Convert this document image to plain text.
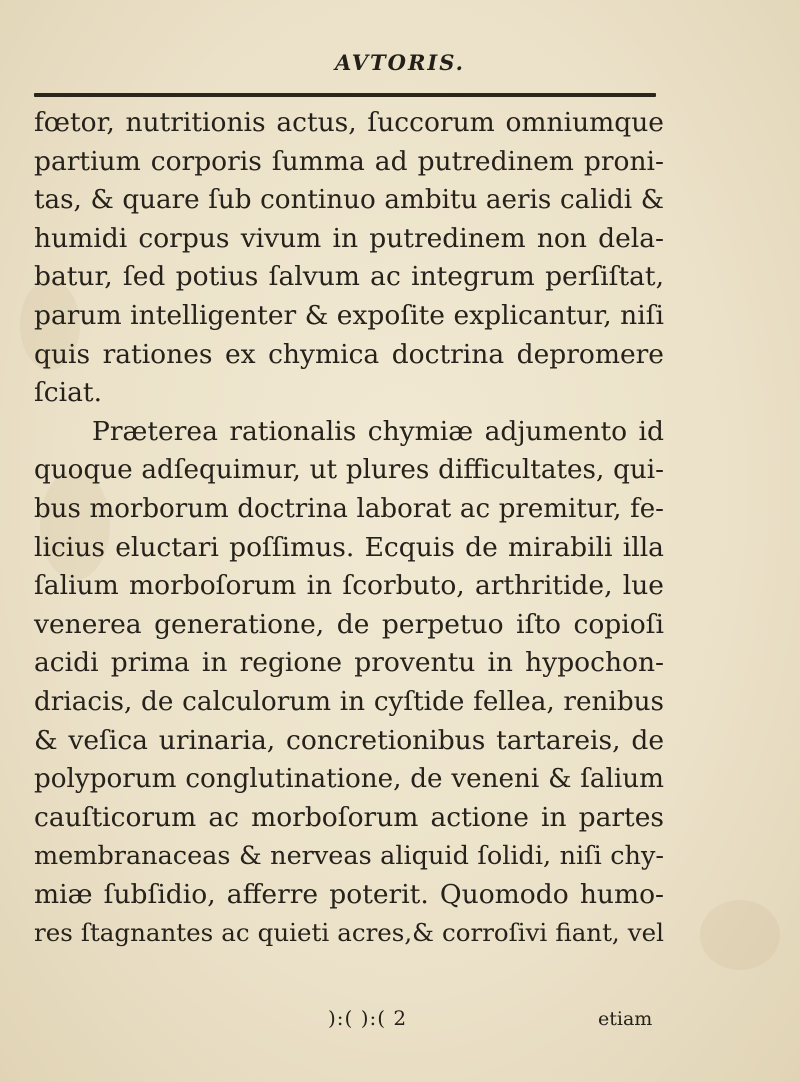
AVTORIS.
fœtor, nutritionis actus, ſuccorum omniumque
partium corporis ſumma ad putredinem proni-
tas, & quare ſub continuo ambitu aeris calidi &
humidi corpus vivum in putredinem non dela-
batur, ſed potius ſalvum ac integrum perſiſtat,
parum intelligenter & expoſite explicantur, niſi
quis rationes ex chymica doctrina depromere
ſciat.
Præterea rationalis chymiæ adjumento id
quoque adſequimur, ut plures difficultates, qui-
bus morborum doctrina laborat ac premitur, fe-
licius eluctari poſſimus. Ecquis de mirabili illa
ſalium morboſorum in ſcorbuto, arthritide, lue
venerea generatione, de perpetuo iſto copioſi
acidi prima in regione proventu in hypochon-
driacis, de calculorum in cyſtide fellea, renibus
& veſica urinaria, concretionibus tartareis, de
polyporum conglutinatione, de veneni & ſalium
cauſticorum ac morboſorum actione in partes
membranaceas & nerveas aliquid ſolidi, niſi chy-
miæ ſubſidio, afferre poterit. Quomodo humo-
res ſtagnantes ac quieti acres,& corroſivi fiant, vel
):( ):( 2	etiam
